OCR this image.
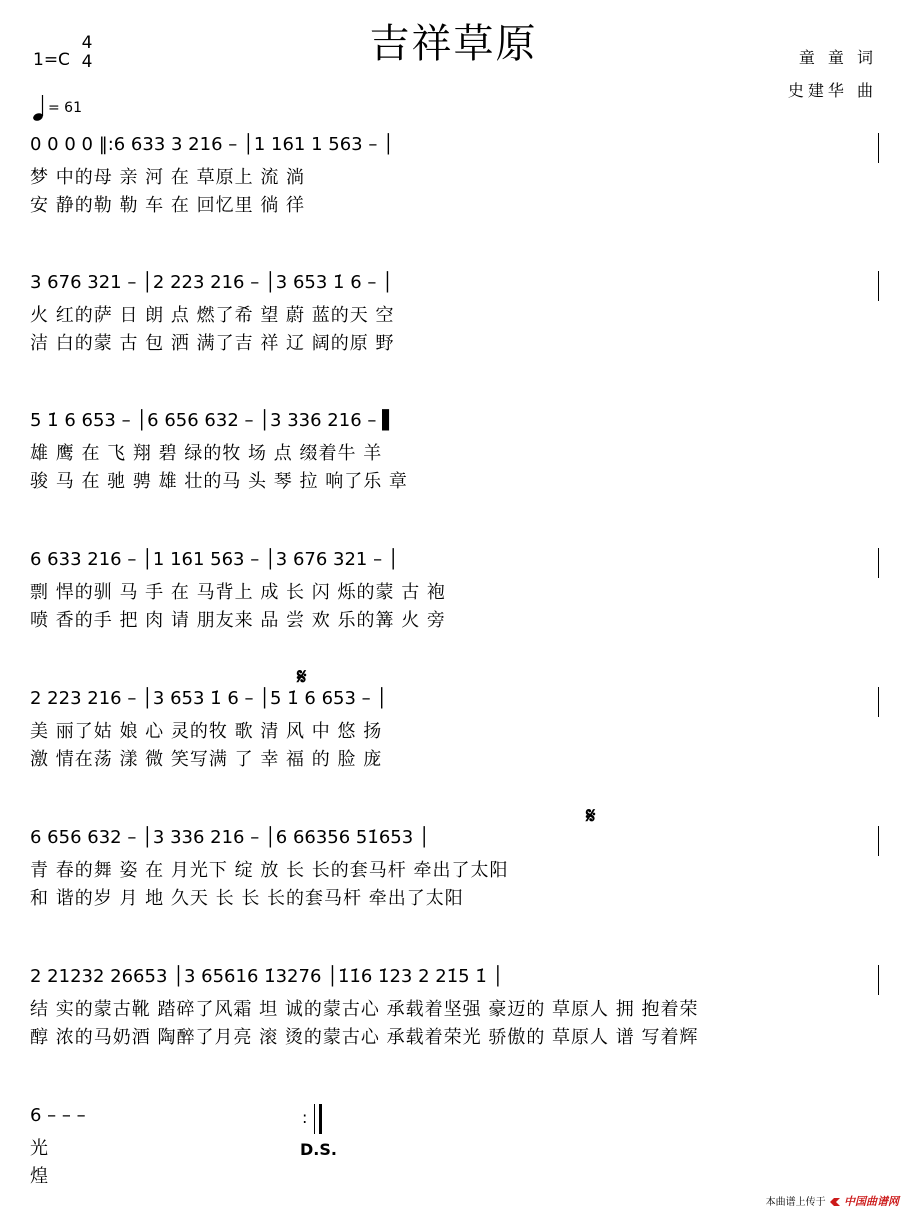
吉祥草原
1=C
4
4
= 61
童 童 词
史建华 曲
0 0 0 0 ‖:6 633 3 216 – │1 161 1 563 – │
梦 中的母 亲 河 在 草原上 流 淌
安 静的勒 勒 车 在 回忆里 徜 徉
3 676 321 – │2 223 216 – │3 653 1̇ 6 – │
火 红的萨 日 朗 点 燃了希 望 蔚 蓝的天 空
洁 白的蒙 古 包 洒 满了吉 祥 辽 阔的原 野
5 1̇ 6 653 – │6 656 632 – │3 336 216 – ▌
雄 鹰 在 飞 翔 碧 绿的牧 场 点 缀着牛 羊
骏 马 在 驰 骋 雄 壮的马 头 琴 拉 响了乐 章
6 633 216 – │1 161 563 – │3 676 321 – │
剽 悍的驯 马 手 在 马背上 成 长 闪 烁的蒙 古 袍
喷 香的手 把 肉 请 朋友来 品 尝 欢 乐的篝 火 旁
𝄋
2 223 216 – │3 653 1̇ 6 – │5 1̇ 6 653 – │
美 丽了姑 娘 心 灵的牧 歌 清 风 中 悠 扬
激 情在荡 漾 微 笑写满 了 幸 福 的 脸 庞
𝄋
6 656 632 – │3 336 216 – │6 66356 51̇653 │
青 春的舞 姿 在 月光下 绽 放 长 长的套马杆 牵出了太阳
和 谐的岁 月 地 久天 长 长 长的套马杆 牵出了太阳
2 21232 26653 │3 65616 1̇3276 │1̇1̇6 1̇23 2 21̇5 1̇ │
结 实的蒙古靴 踏碎了风霜 坦 诚的蒙古心 承载着坚强 豪迈的 草原人 拥 抱着荣
醇 浓的马奶酒 陶醉了月亮 滚 烫的蒙古心 承载着荣光 骄傲的 草原人 谱 写着辉
6 – – –
光
煌
:
D.S.
本曲谱上传于 中国曲谱网
